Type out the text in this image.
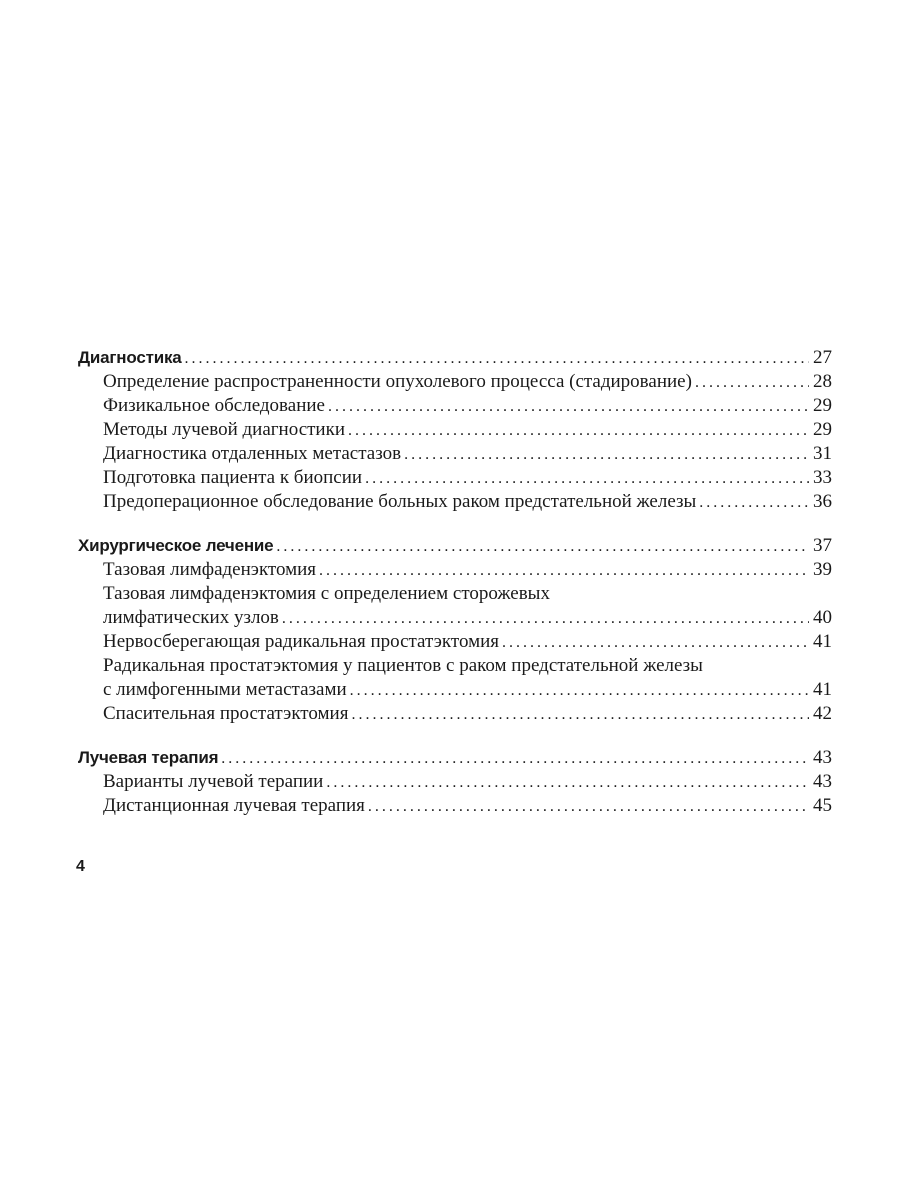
Диагностика . . .	27
Определение распространенности опухолевого процесса (стадирование) . . .	28
Физикальное обследование . . .	29
Методы лучевой диагностики . . .	29
Диагностика отдаленных метастазов . . .	31
Подготовка пациента к биопсии . . .	33
Предоперационное обследование больных раком предстательной железы . . .	36
Хирургическое лечение . . .	37
Тазовая лимфаденэктомия . . .	39
Тазовая лимфаденэктомия с определением сторожевых
лимфатических узлов . . .	40
Нервосберегающая радикальная простатэктомия . . .	41
Радикальная простатэктомия у пациентов с раком предстательной железы
с лимфогенными метастазами . . .	41
Спасительная простатэктомия . . .	42
Лучевая терапия . . .	43
Варианты лучевой терапии . . .	43
Дистанционная лучевая терапия . . .	45
4
